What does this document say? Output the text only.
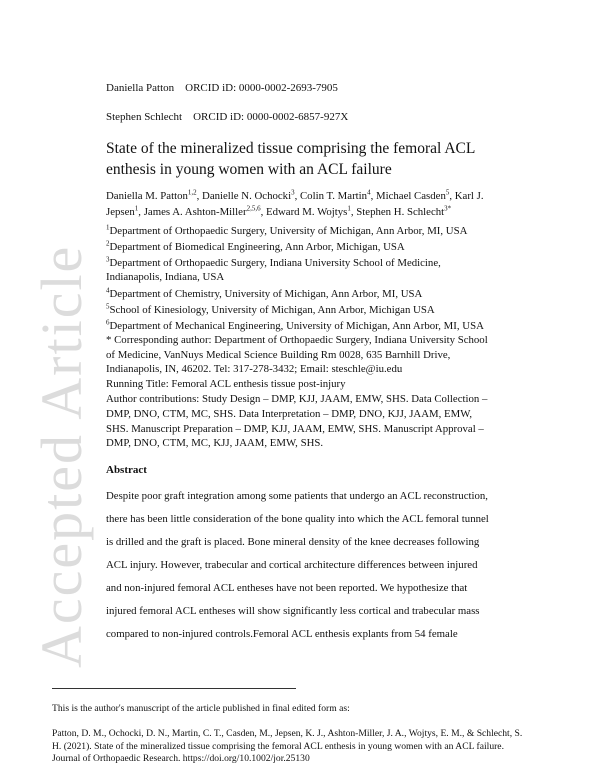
Accepted Article
Daniella Patton ORCID iD: 0000-0002-2693-7905
Stephen Schlecht ORCID iD: 0000-0002-6857-927X
State of the mineralized tissue comprising the femoral ACL enthesis in young women with an ACL failure
Daniella M. Patton$^{1,2}$, Danielle N. Ochocki$^3$, Colin T. Martin$^4$, Michael Casden$^5$, Karl J.
Jepsen$^1$, James A. Ashton-Miller$^{2,5,6}$, Edward M. Wojtys$^1$, Stephen H. Schlecht$^{3*}$
$^1$Department of Orthopaedic Surgery, University of Michigan, Ann Arbor, MI, USA
$^2$Department of Biomedical Engineering, Ann Arbor, Michigan, USA
$^3$Department of Orthopaedic Surgery, Indiana University School of Medicine,
Indianapolis, Indiana, USA
$^4$Department of Chemistry, University of Michigan, Ann Arbor, MI, USA
$^5$School of Kinesiology, University of Michigan, Ann Arbor, Michigan USA
$^6$Department of Mechanical Engineering, University of Michigan, Ann Arbor, MI, USA
* Corresponding author: Department of Orthopaedic Surgery, Indiana University School
of Medicine, VanNuys Medical Science Building Rm 0028, 635 Barnhill Drive,
Indianapolis, IN, 46202. Tel: 317-278-3432; Email: steschle@iu.edu
Running Title: Femoral ACL enthesis tissue post-injury
Author contributions: Study Design – DMP, KJJ, JAAM, EMW, SHS. Data Collection –
DMP, DNO, CTM, MC, SHS. Data Interpretation – DMP, DNO, KJJ, JAAM, EMW,
SHS. Manuscript Preparation – DMP, KJJ, JAAM, EMW, SHS. Manuscript Approval –
DMP, DNO, CTM, MC, KJJ, JAAM, EMW, SHS.
Abstract
Despite poor graft integration among some patients that undergo an ACL reconstruction,
there has been little consideration of the bone quality into which the ACL femoral tunnel
is drilled and the graft is placed. Bone mineral density of the knee decreases following
ACL injury. However, trabecular and cortical architecture differences between injured
and non-injured femoral ACL entheses have not been reported. We hypothesize that
injured femoral ACL entheses will show significantly less cortical and trabecular mass
compared to non-injured controls.Femoral ACL enthesis explants from 54 female
This is the author's manuscript of the article published in final edited form as:
Patton, D. M., Ochocki, D. N., Martin, C. T., Casden, M., Jepsen, K. J., Ashton-Miller, J. A., Wojtys, E. M., & Schlecht, S.
H. (2021). State of the mineralized tissue comprising the femoral ACL enthesis in young women with an ACL failure.
Journal of Orthopaedic Research. https://doi.org/10.1002/jor.25130
